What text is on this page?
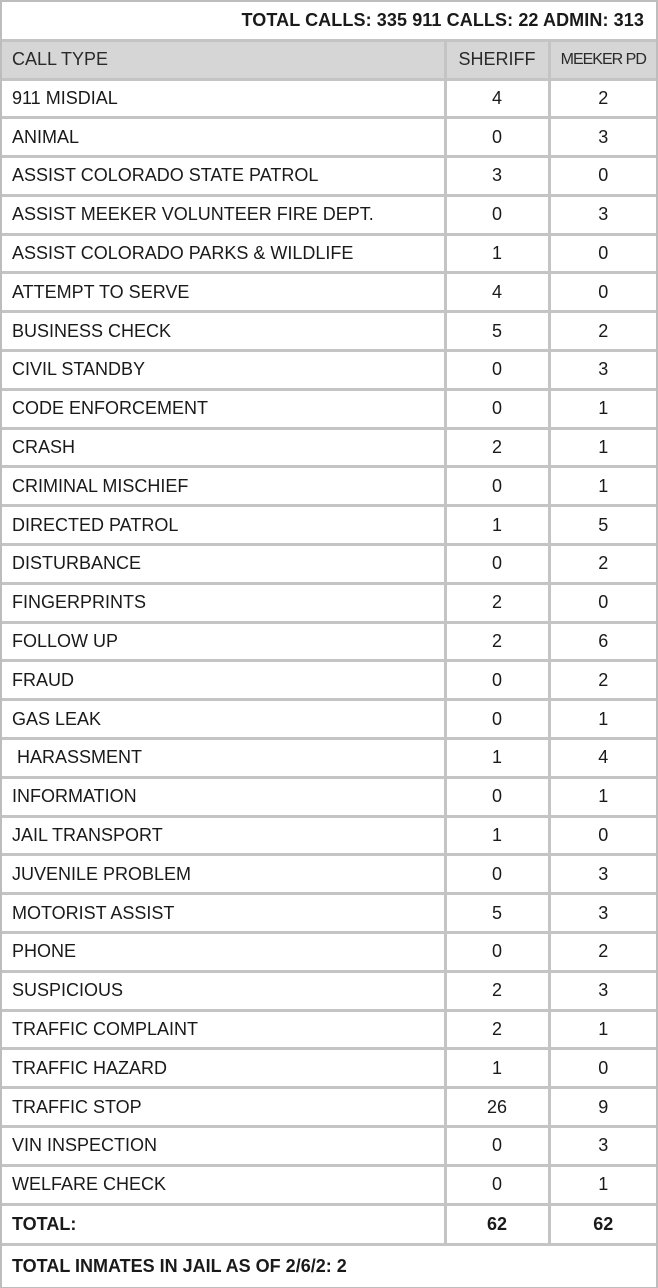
TOTAL CALLS: 335 911 CALLS: 22 ADMIN: 313
CALL TYPE	SHERIFF	MEEKER PD
911 MISDIAL	4	2
ANIMAL	0	3
ASSIST COLORADO STATE PATROL	3	0
ASSIST MEEKER VOLUNTEER FIRE DEPT.	0	3
ASSIST COLORADO PARKS & WILDLIFE	1	0
ATTEMPT TO SERVE	4	0
BUSINESS CHECK	5	2
CIVIL STANDBY	0	3
CODE ENFORCEMENT	0	1
CRASH	2	1
CRIMINAL MISCHIEF	0	1
DIRECTED PATROL	1	5
DISTURBANCE	0	2
FINGERPRINTS	2	0
FOLLOW UP	2	6
FRAUD	0	2
GAS LEAK	0	1
HARASSMENT	1	4
INFORMATION	0	1
JAIL TRANSPORT	1	0
JUVENILE PROBLEM	0	3
MOTORIST ASSIST	5	3
PHONE	0	2
SUSPICIOUS	2	3
TRAFFIC COMPLAINT	2	1
TRAFFIC HAZARD	1	0
TRAFFIC STOP	26	9
VIN INSPECTION	0	3
WELFARE CHECK	0	1
TOTAL:	62	62
TOTAL INMATES IN JAIL AS OF 2/6/2: 2
